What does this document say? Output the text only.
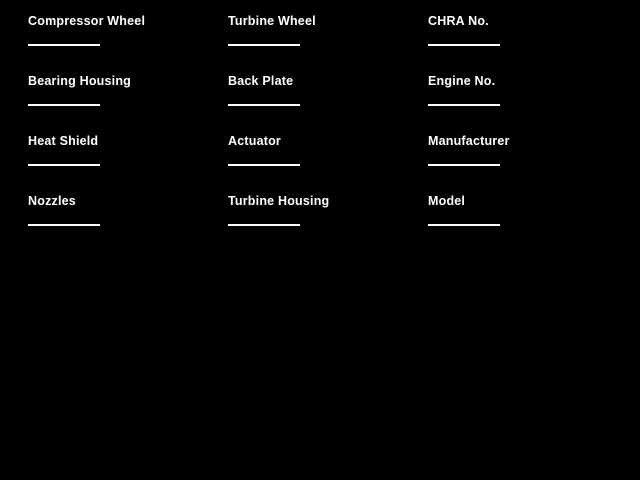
Compressor Wheel	Turbine Wheel	CHRA No.
Bearing Housing	Back Plate	Engine No.
Heat Shield	Actuator	Manufacturer
Nozzles	Turbine Housing	Model
